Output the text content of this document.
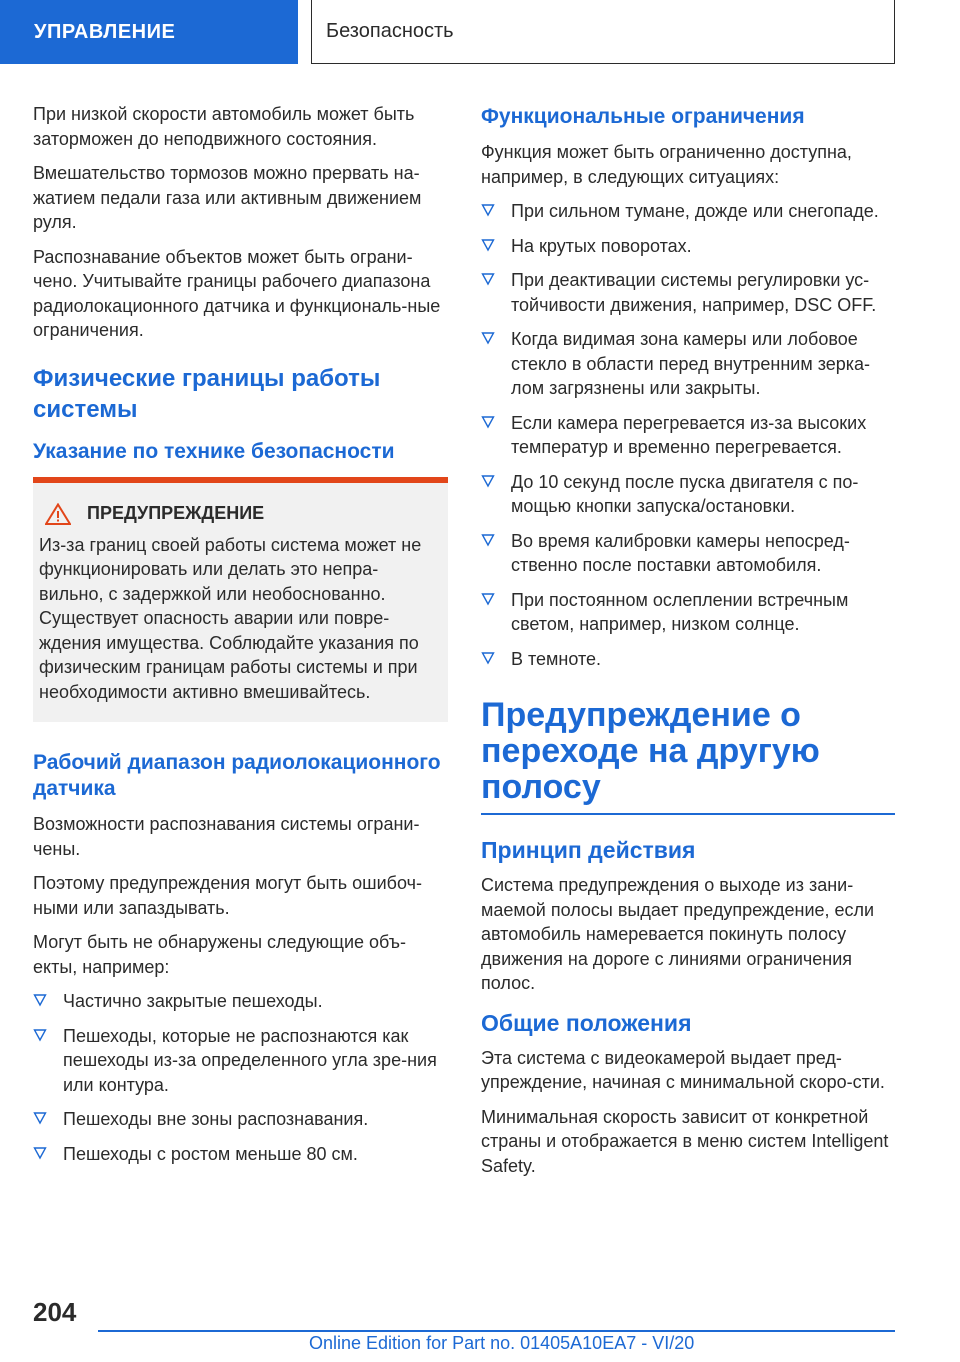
УПРАВЛЕНИЕ	Безопасность

При низкой скорости автомобиль может быть заторможен до неподвижного состояния.

Вмешательство тормозов можно прервать на-жатием педали газа или активным движением руля.

Распознавание объектов может быть ограни-чено. Учитывайте границы рабочего диапазона радиолокационного датчика и функциональ-ные ограничения.

Физические границы работы системы
Указание по технике безопасности
ПРЕДУПРЕЖДЕНИЕ

Из-за границ своей работы система может не функционировать или делать это непра-вильно, с задержкой или необоснованно. Существует опасность аварии или повре-ждения имущества. Соблюдайте указания по физическим границам работы системы и при необходимости активно вмешивайтесь.

Рабочий диапазон радиолокационного датчика

Возможности распознавания системы ограни-чены.

Поэтому предупреждения могут быть ошибоч-ными или запаздывать.

Могут быть не обнаружены следующие объ-екты, например:

Частично закрытые пешеходы.
Пешеходы, которые не распознаются как пешеходы из-за определенного угла зре-ния или контура.
Пешеходы вне зоны распознавания.
Пешеходы с ростом меньше 80 см.
Функциональные ограничения

Функция может быть ограниченно доступна, например, в следующих ситуациях:

При сильном тумане, дожде или снегопаде.
На крутых поворотах.
При деактивации системы регулировки ус-тойчивости движения, например, DSC OFF.
Когда видимая зона камеры или лобовое стекло в области перед внутренним зерка-лом загрязнены или закрыты.
Если камера перегревается из-за высоких температур и временно перегревается.
До 10 секунд после пуска двигателя с по-мощью кнопки запуска/остановки.
Во время калибровки камеры непосред-ственно после поставки автомобиля.
При постоянном ослеплении встречным светом, например, низком солнце.
В темноте.
Предупреждение о переходе на другую полосу
Принцип действия

Система предупреждения о выходе из зани-маемой полосы выдает предупреждение, если автомобиль намеревается покинуть полосу движения на дороге с линиями ограничения полос.

Общие положения

Эта система с видеокамерой выдает пред-упреждение, начиная с минимальной скоро-сти.

Минимальная скорость зависит от конкретной страны и отображается в меню систем Intelligent Safety.

204
Online Edition for Part no. 01405A10EA7 - VI/20
